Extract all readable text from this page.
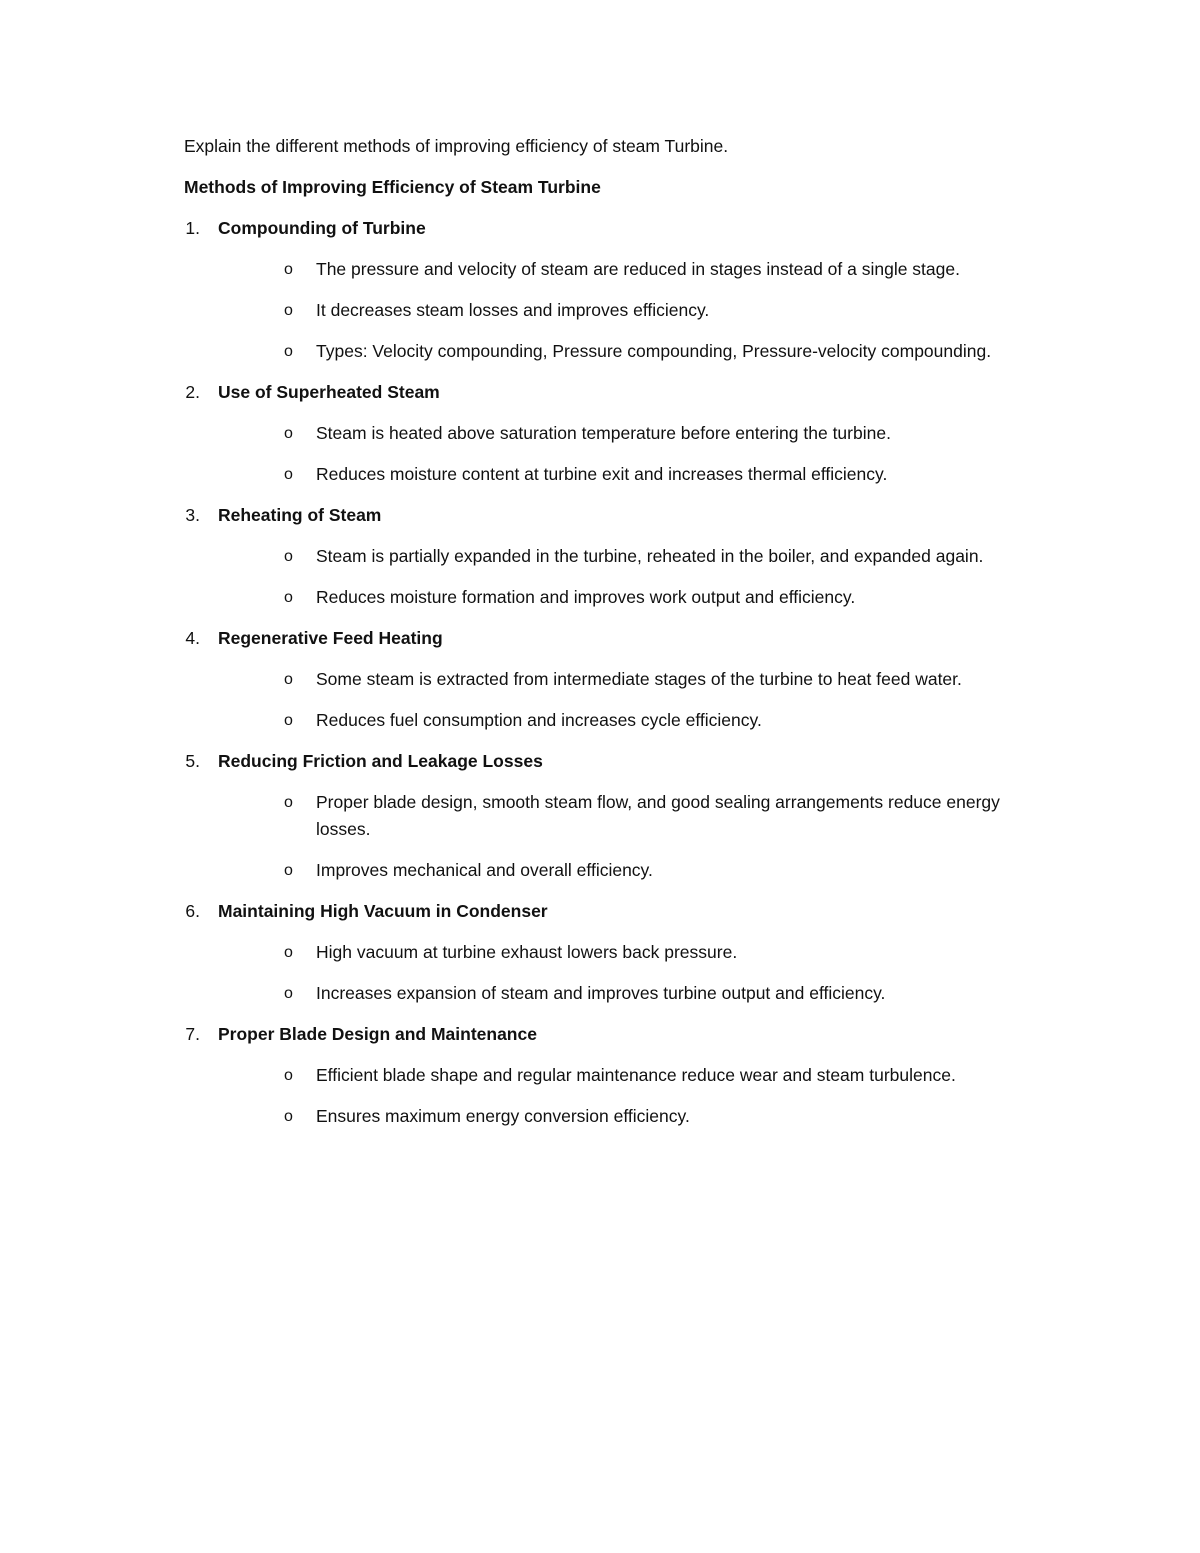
Explain the different methods of improving efficiency of steam Turbine.

Methods of Improving Efficiency of Steam Turbine

1. Compounding of Turbine
o	The pressure and velocity of steam are reduced in stages instead of a single stage.
o	It decreases steam losses and improves efficiency.
o	Types: Velocity compounding, Pressure compounding, Pressure-velocity compounding.
2. Use of Superheated Steam
o	Steam is heated above saturation temperature before entering the turbine.
o	Reduces moisture content at turbine exit and increases thermal efficiency.
3. Reheating of Steam
o	Steam is partially expanded in the turbine, reheated in the boiler, and expanded again.
o	Reduces moisture formation and improves work output and efficiency.
4. Regenerative Feed Heating
o	Some steam is extracted from intermediate stages of the turbine to heat feed water.
o	Reduces fuel consumption and increases cycle efficiency.
5. Reducing Friction and Leakage Losses
o	Proper blade design, smooth steam flow, and good sealing arrangements reduce energy losses.
o	Improves mechanical and overall efficiency.
6. Maintaining High Vacuum in Condenser
o	High vacuum at turbine exhaust lowers back pressure.
o	Increases expansion of steam and improves turbine output and efficiency.
7. Proper Blade Design and Maintenance
o	Efficient blade shape and regular maintenance reduce wear and steam turbulence.
o	Ensures maximum energy conversion efficiency.
